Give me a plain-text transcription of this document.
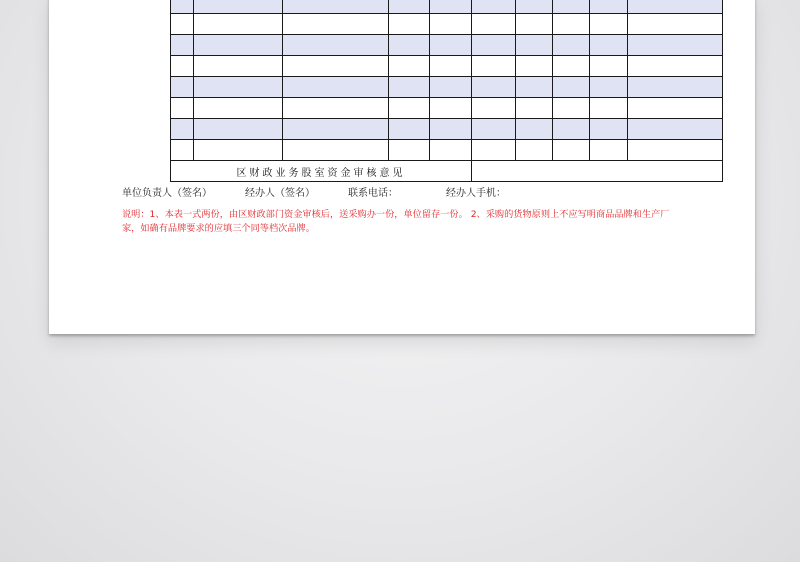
区财政业务股室资金审核意见									
单位负责人（签名）	经办人（签名）	联系电话：	经办人手机：
说明：1、本表一式两份，由区财政部门资金审核后，送采购办一份，单位留存一份。 2、采购的货物原则上不应写明商品品牌和生产厂
家，如确有品牌要求的应填三个同等档次品牌。
